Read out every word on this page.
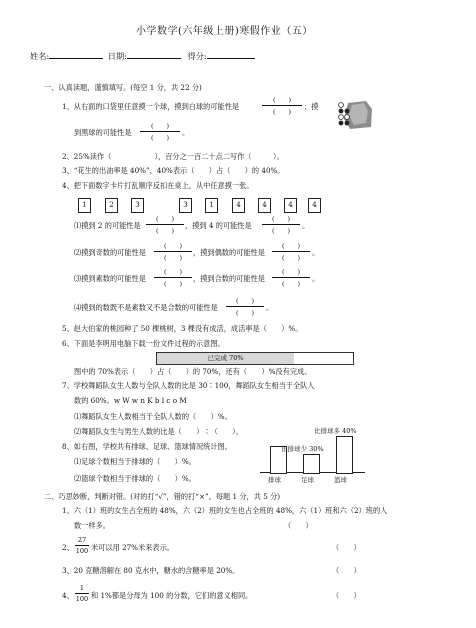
小学数学(六年级上册)寒假作业（五）
姓名:	日期:	得分:
一、认真读题，谨慎填写。(每空 1 分，共 22 分)
1、从右面的口袋里任意摸一个球，摸到白球的可能性是
(　　)
(　　)
；摸
到黑球的可能性是
(　　)
(　　)
。
2、25%读作（　　　　　　），百分之一百二十点二写作（　　　）。
3、“花生的出油率是 40%”，40%表示（　　）占（　　）的 40%。
4、把下面数字卡片打乱顺序反扣在桌上，从中任意摸一张。
1	2	3	3	1	4	4	4	4
⑴摸到 2 的可能性是
(　　)
(　　)
，摸到 4 的可能性是
(　　)
(　　)
。
⑵摸到奇数的可能性是
(　　)
(　　)
，摸到偶数的可能性是
(　　)
(　　)
。
⑶摸到素数的可能性是
(　　)
(　　)
，摸到合数的可能性是
(　　)
(　　)
。
⑷摸到的数既不是素数又不是合数的可能性是
(　　)
(　　)
。
5、赵大伯家的桃园种了 50 棵桃树，3 棵没有成活，成活率是（　　）%。
6、下面是李明用电脑下载一份文件过程的示意图。
已完成 70%
图中的 70%表示（　　）占（　　）的 70%，还有（　　）%没有完成。
7、学校舞蹈队女生人数与全队人数的比是 30∶100，舞蹈队女生相当于全队人
数的 60%。w W w n K b l c o M
⑴舞蹈队女生人数相当于全队人数的（　　）%。
⑵舞蹈队女生与男生人数的比是（　　）∶（　　）。
8、如右图，学校共有排球、足球、篮球情况统计图。
⑴足球个数相当于排球的（　　）%。
⑵篮球个数相当于排球的（　　）%。	排球	足球
比排球少 30%
篮球
比排球多 40%
二、巧思妙断，判断对错。(对的打“√”，错的打“×”。每题 1 分，共 5 分)
1、六（1）班的女生占全班的 48%，六（2）班的女生也占全班的 48%，六（1）班和六（2）班的人
数一样多。	（　　）
2、
27
100 米可以用 27%米来表示。	（　　）
3、20 克糖溶解在 80 克水中，糖水的含糖率是 20%。	（　　）
4、
1
100 和 1%都是分母为 100 的分数，它们的意义相同。	（　　）
